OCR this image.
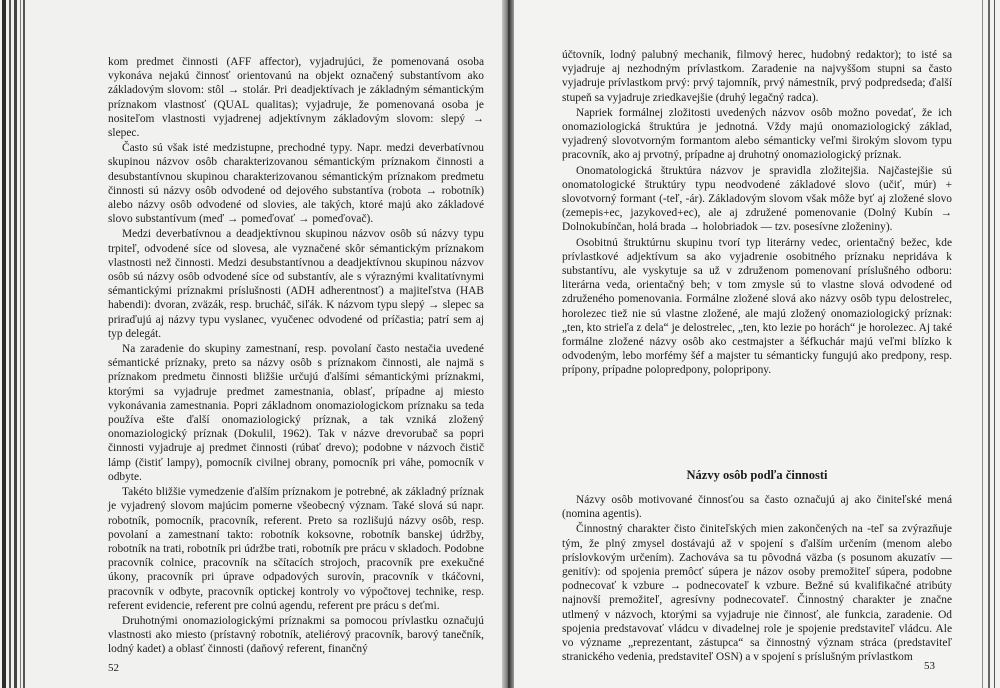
kom predmet činnosti (AFF affector), vyjadrujúci, že pomenovaná osoba vykonáva nejakú činnosť orientovanú na objekt označený substantívom ako základovým slovom: stôl → stolár. Pri deadjektívach je základným sémantickým príznakom vlastnosť (QUAL qualitas); vyjadruje, že pomenovaná osoba je nositeľom vlastnosti vyjadrenej adjektívnym základovým slovom: slepý → slepec.

Často sú však isté medzistupne, prechodné typy. Napr. medzi deverbatívnou skupinou názvov osôb charakterizovanou sémantickým príznakom činnosti a desubstantívnou skupinou charakterizovanou sémantickým príznakom predmetu činnosti sú názvy osôb odvodené od dejového substantíva (robota → robotník) alebo názvy osôb odvodené od slovies, ale takých, ktoré majú ako základové slovo substantívum (meď → pomeďovať → pomeďovač).

Medzi deverbatívnou a deadjektívnou skupinou názvov osôb sú názvy typu trpiteľ, odvodené síce od slovesa, ale vyznačené skôr sémantickým príznakom vlastnosti než činnosti. Medzi desubstantívnou a deadjektívnou skupinou názvov osôb sú názvy osôb odvodené síce od substantív, ale s výraznými kvalitatívnymi sémantickými príznakmi príslušnosti (ADH adherentnosť) a majiteľstva (HAB habendi): dvoran, zväzák, resp. brucháč, siľák. K názvom typu slepý → slepec sa priraďujú aj názvy typu vyslanec, vyučenec odvodené od príčastia; patrí sem aj typ delegát.

Na zaradenie do skupiny zamestnaní, resp. povolaní často nestačia uvedené sémantické príznaky, preto sa názvy osôb s príznakom činnosti, ale najmä s príznakom predmetu činnosti bližšie určujú ďalšími sémantickými príznakmi, ktorými sa vyjadruje predmet zamestnania, oblasť, prípadne aj miesto vykonávania zamestnania. Popri základnom onomaziologickom príznaku sa teda používa ešte ďalší onomaziologický príznak, a tak vzniká zložený onomaziologický príznak (Dokulil, 1962). Tak v názve drevorubač sa popri činnosti vyjadruje aj predmet činnosti (rúbať drevo); podobne v názvoch čistič lámp (čistiť lampy), pomocník civilnej obrany, pomocník pri váhe, pomocník v odbyte.

Takéto bližšie vymedzenie ďalším príznakom je potrebné, ak základný príznak je vyjadrený slovom majúcim pomerne všeobecný význam. Také slová sú napr. robotník, pomocník, pracovník, referent. Preto sa rozlišujú názvy osôb, resp. povolaní a zamestnaní takto: robotník koksovne, robotník banskej údržby, robotník na trati, robotník pri údržbe trati, robotník pre prácu v skladoch. Podobne pracovník colnice, pracovník na sčítacích strojoch, pracovník pre exekučné úkony, pracovník pri úprave odpadových surovín, pracovník v tkáčovni, pracovník v odbyte, pracovník optickej kontroly vo výpočtovej technike, resp. referent evidencie, referent pre colnú agendu, referent pre prácu s deťmi.

Druhotnými onomaziologickými príznakmi sa pomocou prívlastku označujú vlastnosti ako miesto (prístavný robotník, ateliérový pracovník, barový tanečník, lodný kadet) a oblasť činnosti (daňový referent, finančný

52

účtovník, lodný palubný mechanik, filmový herec, hudobný redaktor); to isté sa vyjadruje aj nezhodným prívlastkom. Zaradenie na najvyššom stupni sa často vyjadruje prívlastkom prvý: prvý tajomník, prvý námestník, prvý podpredseda; ďalší stupeň sa vyjadruje zriedkavejšie (druhý legačný radca).

Napriek formálnej zložitosti uvedených názvov osôb možno povedať, že ich onomaziologická štruktúra je jednotná. Vždy majú onomaziologický základ, vyjadrený slovotvorným formantom alebo sémanticky veľmi širokým slovom typu pracovník, ako aj prvotný, prípadne aj druhotný onomaziologický príznak.

Onomatologická štruktúra názvov je spravidla zložitejšia. Najčastejšie sú onomatologické štruktúry typu neodvodené základové slovo (učiť, múr) + slovotvorný formant (-teľ, -ár). Základovým slovom však môže byť aj zložené slovo (zemepis+ec, jazykoved+ec), ale aj združené pomenovanie (Dolný Kubín → Dolnokubínčan, holá brada → holobriadok — tzv. posesívne zloženiny).

Osobitnú štruktúrnu skupinu tvorí typ literárny vedec, orientačný bežec, kde prívlastkové adjektívum sa ako vyjadrenie osobitného príznaku nepridáva k substantívu, ale vyskytuje sa už v združenom pomenovaní príslušného odboru: literárna veda, orientačný beh; v tom zmysle sú to vlastne slová odvodené od združeného pomenovania. Formálne zložené slová ako názvy osôb typu delostrelec, horolezec tiež nie sú vlastne zložené, ale majú zložený onomaziologický príznak: „ten, kto strieľa z dela“ je delostrelec, „ten, kto lezie po horách“ je horolezec. Aj také formálne zložené názvy osôb ako cestmajster a šéfkuchár majú veľmi blízko k odvodeným, lebo morfémy šéf a majster tu sémanticky fungujú ako predpony, resp. prípony, prípadne polopredpony, polopripony.

Názvy osôb podľa činnosti

Názvy osôb motivované činnosťou sa často označujú aj ako činiteľské mená (nomina agentis).

Činnostný charakter čisto činiteľských mien zakončených na -teľ sa zvýrazňuje tým, že plný zmysel dostávajú až v spojení s ďalším určením (menom alebo príslovkovým určením). Zachováva sa tu pôvodná väzba (s posunom akuzatív — genitív): od spojenia premôcť súpera je názov osoby premožiteľ súpera, podobne podnecovať k vzbure → podnecovateľ k vzbure. Bežné sú kvalifikačné atribúty najnovší premožiteľ, agresívny podnecovateľ. Činnostný charakter je značne utlmený v názvoch, ktorými sa vyjadruje nie činnosť, ale funkcia, zaradenie. Od spojenia predstavovať vládcu v divadelnej role je spojenie predstaviteľ vládcu. Ale vo význame „reprezentant, zástupca“ sa činnostný význam stráca (predstaviteľ stranického vedenia, predstaviteľ OSN) a v spojení s príslušným prívlastkom

53
